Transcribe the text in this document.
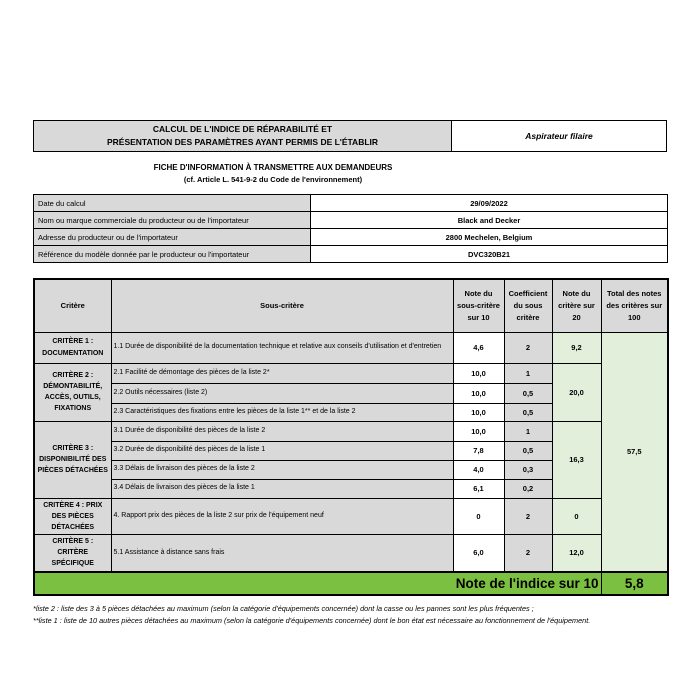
CALCUL DE L'INDICE DE RÉPARABILITÉ ET
PRÉSENTATION DES PARAMÈTRES AYANT PERMIS DE L'ÉTABLIR
Aspirateur filaire
FICHE D'INFORMATION À TRANSMETTRE AUX DEMANDEURS
(cf. Article L. 541-9-2 du Code de l'environnement)
Date du calcul	29/09/2022
Nom ou marque commerciale du producteur ou de l'importateur	Black and Decker
Adresse du producteur ou de l'importateur	2800 Mechelen, Belgium
Référence du modèle donnée par le producteur ou l'importateur	DVC320B21
Critère	Sous-critère	Note du sous-critère sur 10	Coefficient du sous critère	Note du critère sur 20	Total des notes des critères sur 100
CRITÈRE 1 : DOCUMENTATION	1.1 Durée de disponibilité de la documentation technique et relative aux conseils d'utilisation et d'entretien	4,6	2	9,2	57,5
CRITÈRE 2 : DÉMONTABILITÉ, ACCÈS, OUTILS, FIXATIONS	2.1 Facilité de démontage des pièces de la liste 2*	10,0	1	20,0	
	2.2 Outils nécessaires (liste 2)	10,0	0,5		
	2.3 Caractéristiques des fixations entre les pièces de la liste 1** et de la liste 2	10,0	0,5		
CRITÈRE 3 : DISPONIBILITÉ DES PIÈCES DÉTACHÉES	3.1 Durée de disponibilité des pièces de la liste 2	10,0	1	16,3	
	3.2 Durée de disponibilité des pièces de la liste 1	7,8	0,5		
	3.3 Délais de livraison des pièces de la liste 2	4,0	0,3		
	3.4 Délais de livraison des pièces de la liste 1	6,1	0,2		
CRITÈRE 4 : PRIX DES PIÈCES DÉTACHÉES	4. Rapport prix des pièces de la liste 2 sur prix de l'équipement neuf	0	2	0	
CRITÈRE 5 : CRITÈRE SPÉCIFIQUE	5.1 Assistance à distance sans frais	6,0	2	12,0	
Note de l'indice sur 10					5,8
*liste 2 : liste des 3 à 5 pièces détachées au maximum (selon la catégorie d'équipements concernée) dont la casse ou les pannes sont les plus fréquentes ;
**liste 1 : liste de 10 autres pièces détachées au maximum (selon la catégorie d'équipements concernée) dont le bon état est nécessaire au fonctionnement de l'équipement.
